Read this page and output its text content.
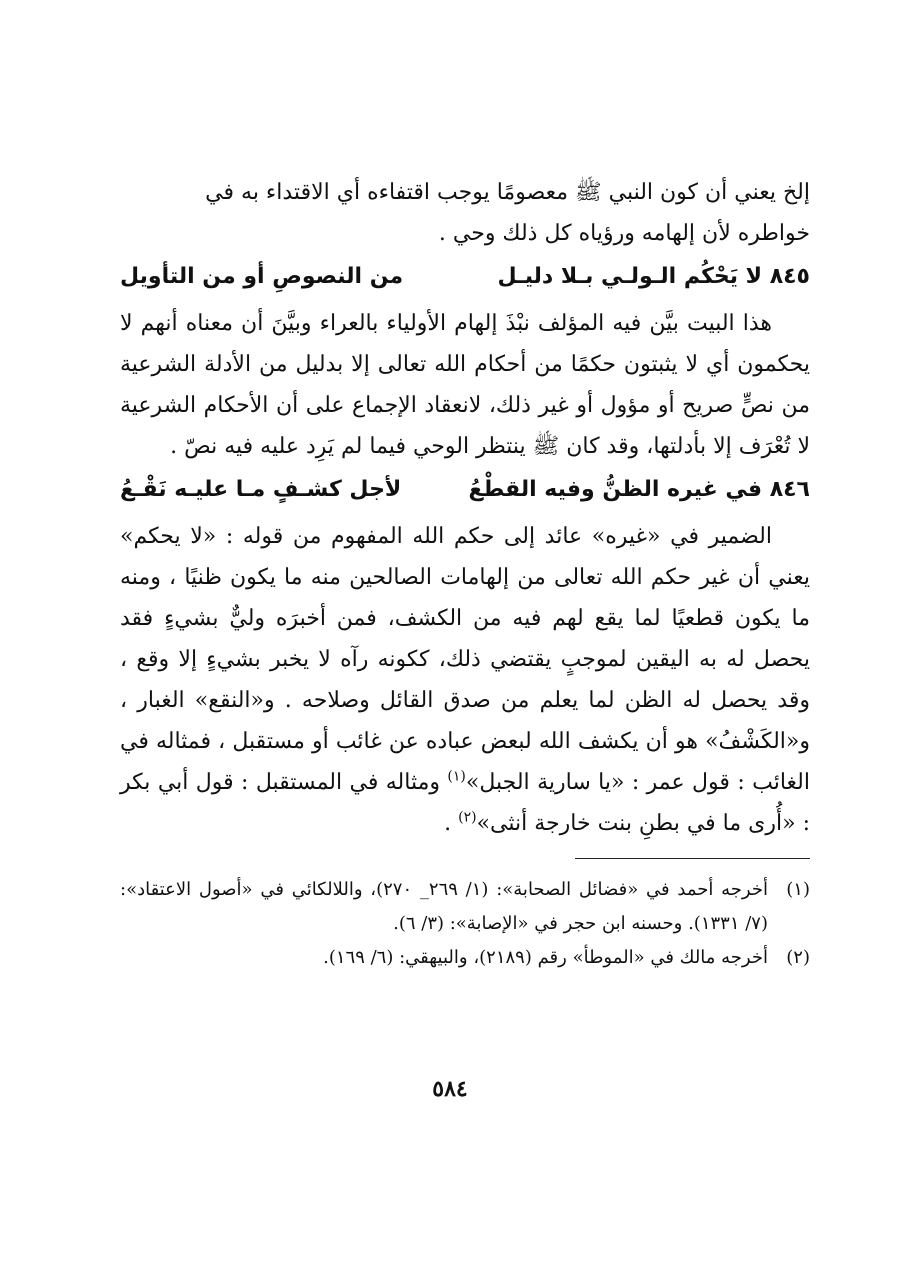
إلخ يعني أن كون النبي ﷺ معصومًا يوجب اقتفاءه أي الاقتداء به في
خواطره لأن إلهامه ورؤياه كل ذلك وحي .

٨٤٥ لا يَحْكُم الـولـي بـلا دليـل
من النصوصِ أو من التأويل

هذا البيت بيَّن فيه المؤلف نبْذَ إلهام الأولياء بالعراء وبيَّنَ أن معناه أنهم لا يحكمون أي لا يثبتون حكمًا من أحكام الله تعالى إلا بدليل من الأدلة الشرعية من نصٍّ صريح أو مؤول أو غير ذلك، لانعقاد الإجماع على أن الأحكام الشرعية لا تُعْرَف إلا بأدلتها، وقد كان ﷺ ينتظر الوحي فيما لم يَرِد عليه فيه نصّ .

٨٤٦ في غيره الظنُّ وفيه القطْعُ
لأجل كشـفٍ مـا عليـه نَقْـعُ

الضمير في «غيره» عائد إلى حكم الله المفهوم من قوله : «لا يحكم» يعني أن غير حكم الله تعالى من إلهامات الصالحين منه ما يكون ظنيًا ، ومنه ما يكون قطعيًا لما يقع لهم فيه من الكشف، فمن أخبرَه وليٌّ بشيءٍ فقد يحصل له به اليقين لموجبٍ يقتضي ذلك، ككونه رآه لا يخبر بشيءٍ إلا وقع ، وقد يحصل له الظن لما يعلم من صدق القائل وصلاحه . و«النقع» الغبار ، و«الكَشْفُ» هو أن يكشف الله لبعض عباده عن غائب أو مستقبل ، فمثاله في الغائب : قول عمر : «يا سارية الجبل»$^{(١)}$ ومثاله في المستقبل : قول أبي بكر : «أُرى ما في بطنِ بنت خارجة أنثى»$^{(٢)}$ .

(١)
أخرجه أحمد في «فضائل الصحابة»: (١/ ٢٦٩_ ٢٧٠)، واللالكائي في «أصول الاعتقاد»: (٧/ ١٣٣١). وحسنه ابن حجر في «الإصابة»: (٣/ ٦).

(٢)
أخرجه مالك في «الموطأ» رقم (٢١٨٩)، والبيهقي: (٦/ ١٦٩).

٥٨٤
